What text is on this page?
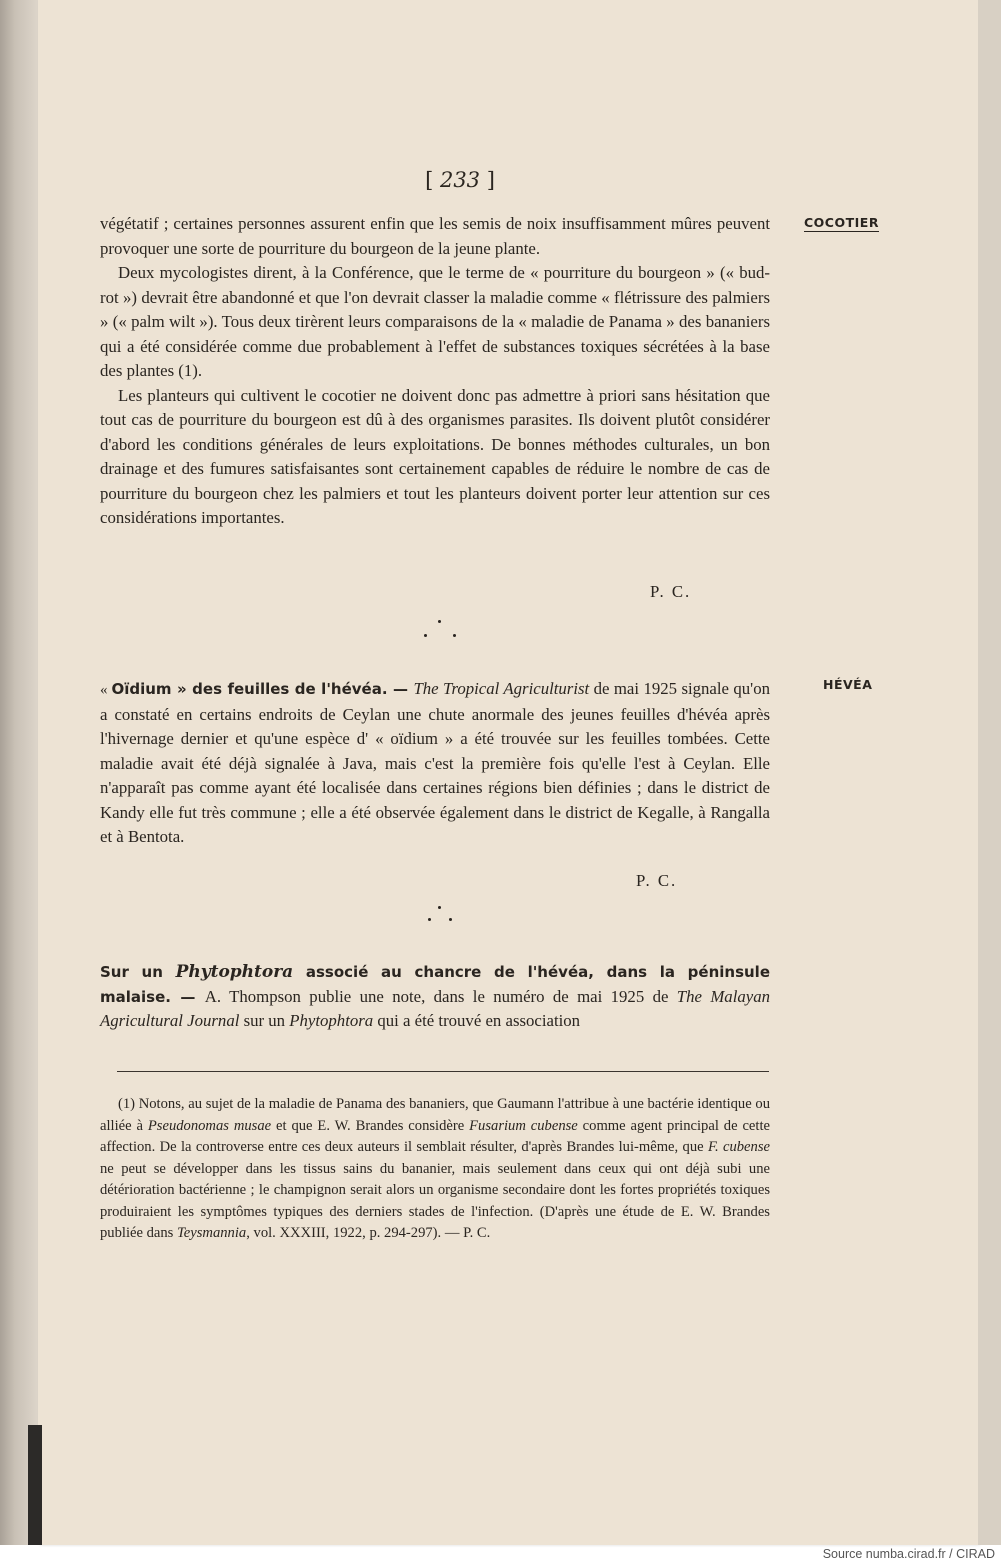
[ 233 ]
COCOTIER
HÉVÉA

végétatif ; certaines personnes assurent enfin que les semis de noix insuffisamment mûres peuvent provoquer une sorte de pourriture du bourgeon de la jeune plante.

Deux mycologistes dirent, à la Conférence, que le terme de « pourriture du bourgeon » (« bud-rot ») devrait être abandonné et que l'on devrait classer la maladie comme « flétrissure des palmiers » (« palm wilt »). Tous deux tirèrent leurs comparaisons de la « maladie de Panama » des bananiers qui a été considérée comme due probablement à l'effet de substances toxiques sécrétées à la base des plantes (1).

Les planteurs qui cultivent le cocotier ne doivent donc pas admettre à priori sans hésitation que tout cas de pourriture du bourgeon est dû à des organismes parasites. Ils doivent plutôt considérer d'abord les conditions générales de leurs exploitations. De bonnes méthodes culturales, un bon drainage et des fumures satisfaisantes sont certainement capables de réduire le nombre de cas de pourriture du bourgeon chez les palmiers et tout les planteurs doivent porter leur attention sur ces considérations importantes.

P. C.

« Oïdium » des feuilles de l'hévéa. — The Tropical Agriculturist de mai 1925 signale qu'on a constaté en certains endroits de Ceylan une chute anormale des jeunes feuilles d'hévéa après l'hivernage dernier et qu'une espèce d' « oïdium » a été trouvée sur les feuilles tombées. Cette maladie avait été déjà signalée à Java, mais c'est la première fois qu'elle l'est à Ceylan. Elle n'apparaît pas comme ayant été localisée dans certaines régions bien définies ; dans le district de Kandy elle fut très commune ; elle a été observée également dans le district de Kegalle, à Rangalla et à Bentota.

P. C.

Sur un Phytophtora associé au chancre de l'hévéa, dans la péninsule malaise. — A. Thompson publie une note, dans le numéro de mai 1925 de The Malayan Agricultural Journal sur un Phytophtora qui a été trouvé en association

(1) Notons, au sujet de la maladie de Panama des bananiers, que Gaumann l'attribue à une bactérie identique ou alliée à Pseudonomas musae et que E. W. Brandes considère Fusarium cubense comme agent principal de cette affection. De la controverse entre ces deux auteurs il semblait résulter, d'après Brandes lui-même, que F. cubense ne peut se développer dans les tissus sains du bananier, mais seulement dans ceux qui ont déjà subi une détérioration bactérienne ; le champignon serait alors un organisme secondaire dont les fortes propriétés toxiques produiraient les symptômes typiques des derniers stades de l'infection. (D'après une étude de E. W. Brandes publiée dans Teysmannia, vol. XXXIII, 1922, p. 294-297). — P. C.

Source numba.cirad.fr / CIRAD
